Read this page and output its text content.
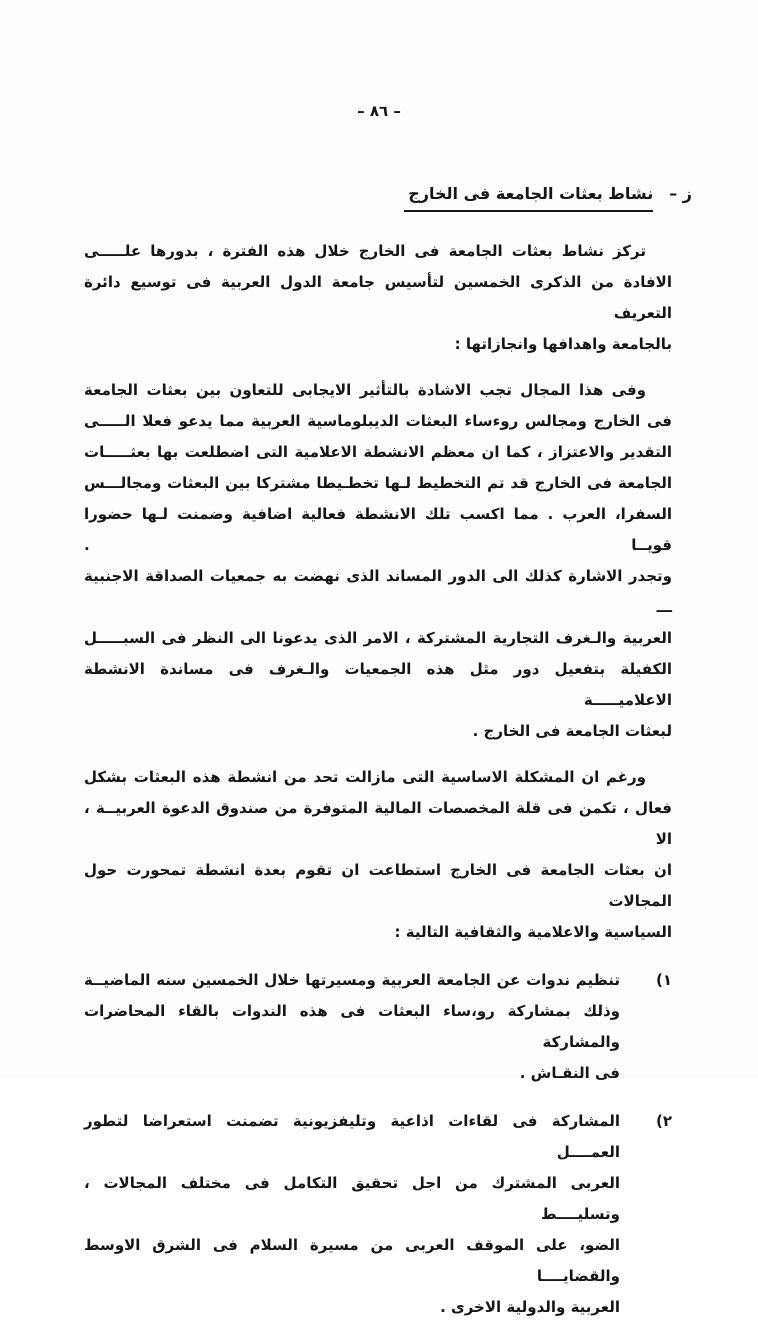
– ٨٦ –
ز –
نشاط بعثات الجامعة فى الخارج
تركز نشاط بعثات الجامعة فى الخارج خلال هذه الفترة ، بدورها علـــــى
الافادة من الذكرى الخمسين لتأسيس جامعة الدول العربية فى توسيع دائرة التعريف
بالجامعة واهدافها وانجازاتها :
وفى هذا المجال تجب الاشادة بالتأثير الايجابى للتعاون بين بعثات الجامعة
فى الخارج ومجالس روءساء البعثات الديبلوماسية العربية مما يدعو فعلا الـــــى
التقدير والاعتزاز ، كما ان معظم الانشطة الاعلامية التى اضطلعت بها بعثـــــات
الجامعة فى الخارج قد تم التخطيط لـها تخطـيطا مشتركا بين البعثات ومجالـــس
السفرا، العرب . مما اكسب تلك الانشطة فعالية اضافية وضمنت لـها حضورا قويــا .
وتجدر الاشارة كذلك الى الدور المساند الذى نهضت به جمعيات الصداقة الاجنبية ـــ
العربية والـغرف التجارية المشتركة ، الامر الذى يدعونا الى النظر فى السبـــــل
الكفيلة بتفعيل دور مثل هذه الجمعيات والـغرف فى مساندة الانشطة الاعلاميـــــة
لبعثات الجامعة فى الخارج .
ورغم ان المشكلة الاساسية التى مازالت تحد من انشطة هذه البعثات بشكل
فعال ، تكمن فى قلة المخصصات المالية المتوفرة من صندوق الدعوة العربيــة ، الا
ان بعثات الجامعة فى الخارج استطاعت ان تقوم بعدة انشطة تمحورت حول المجالات
السياسية والاعلامية والثقافية التالية :
(١
تنظيم ندوات عن الجامعة العربية ومسيرتها خلال الخمسين سنه الماضيــة
وذلك بمشاركة رو،ساء البعثات فى هذه الندوات بالقاء المحاضرات والمشاركة
فى النقـاش .
(٢
المشاركة فى لقاءات اذاعية وتليفزيونية تضمنت استعراضا لتطور العمــــل
العربى المشترك من اجل تحقيق التكامل فى مختلف المجالات ، وتسليــــط
الضو، على الموقف العربى من مسيرة السلام فى الشرق الاوسط والقضايــــا
العربية والدولية الاخرى .
